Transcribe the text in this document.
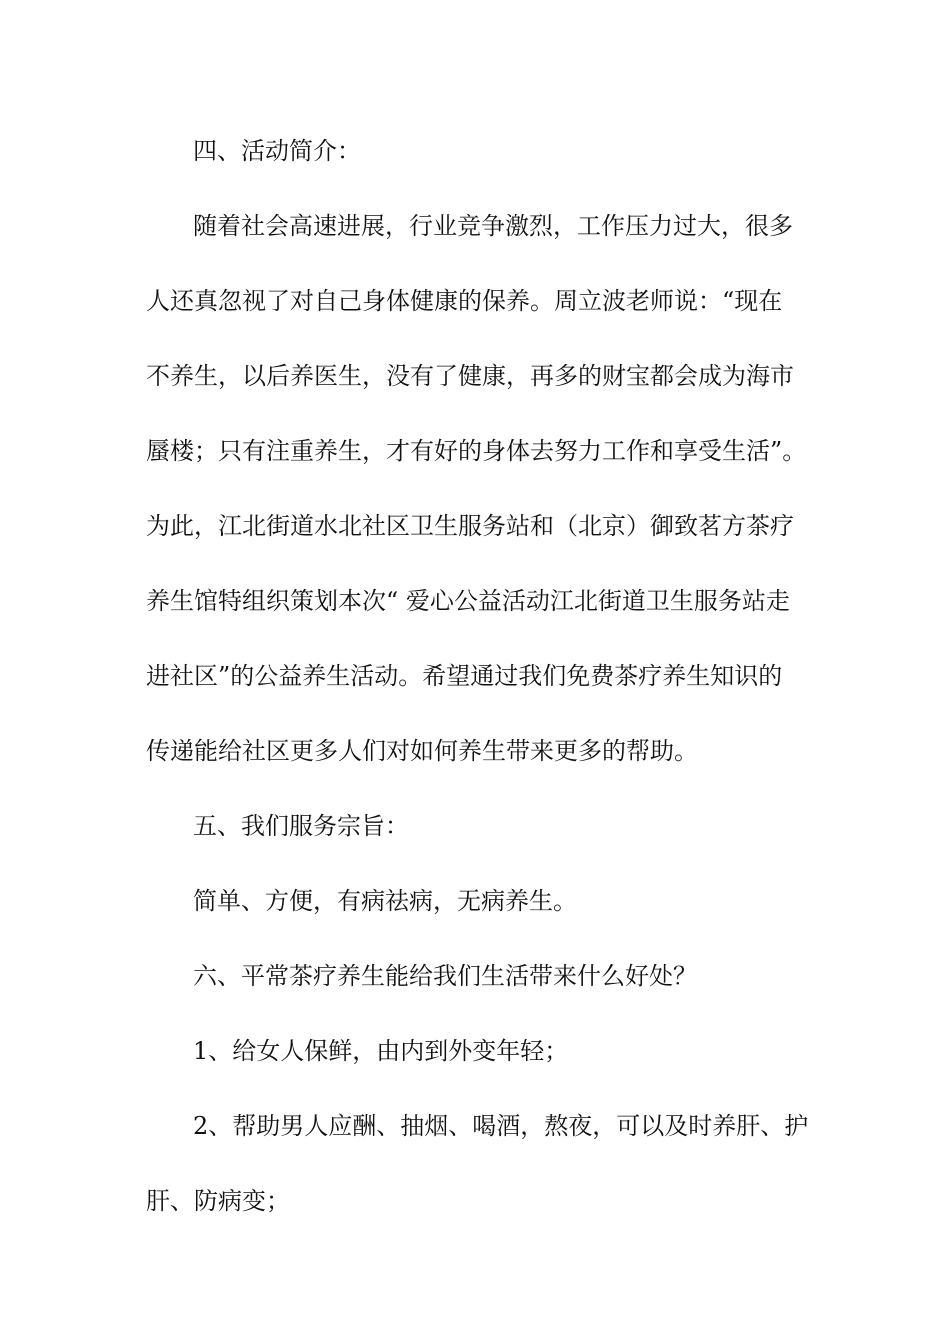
四、活动简介：
随着社会高速进展，行业竞争激烈，工作压力过大，很多
人还真忽视了对自己身体健康的保养。周立波老师说：“现在
不养生，以后养医生，没有了健康，再多的财宝都会成为海市
蜃楼；只有注重养生，才有好的身体去努力工作和享受生活”。
为此，江北街道水北社区卫生服务站和（北京）御致茗方茶疗
养生馆特组织策划本次“ 爱心公益活动江北街道卫生服务站走
进社区”的公益养生活动。希望通过我们免费茶疗养生知识的
传递能给社区更多人们对如何养生带来更多的帮助。
五、我们服务宗旨：
简单、方便，有病祛病，无病养生。
六、平常茶疗养生能给我们生活带来什么好处？
1、给女人保鲜，由内到外变年轻；
2、帮助男人应酬、抽烟、喝酒，熬夜，可以及时养肝、护
肝、防病变；
